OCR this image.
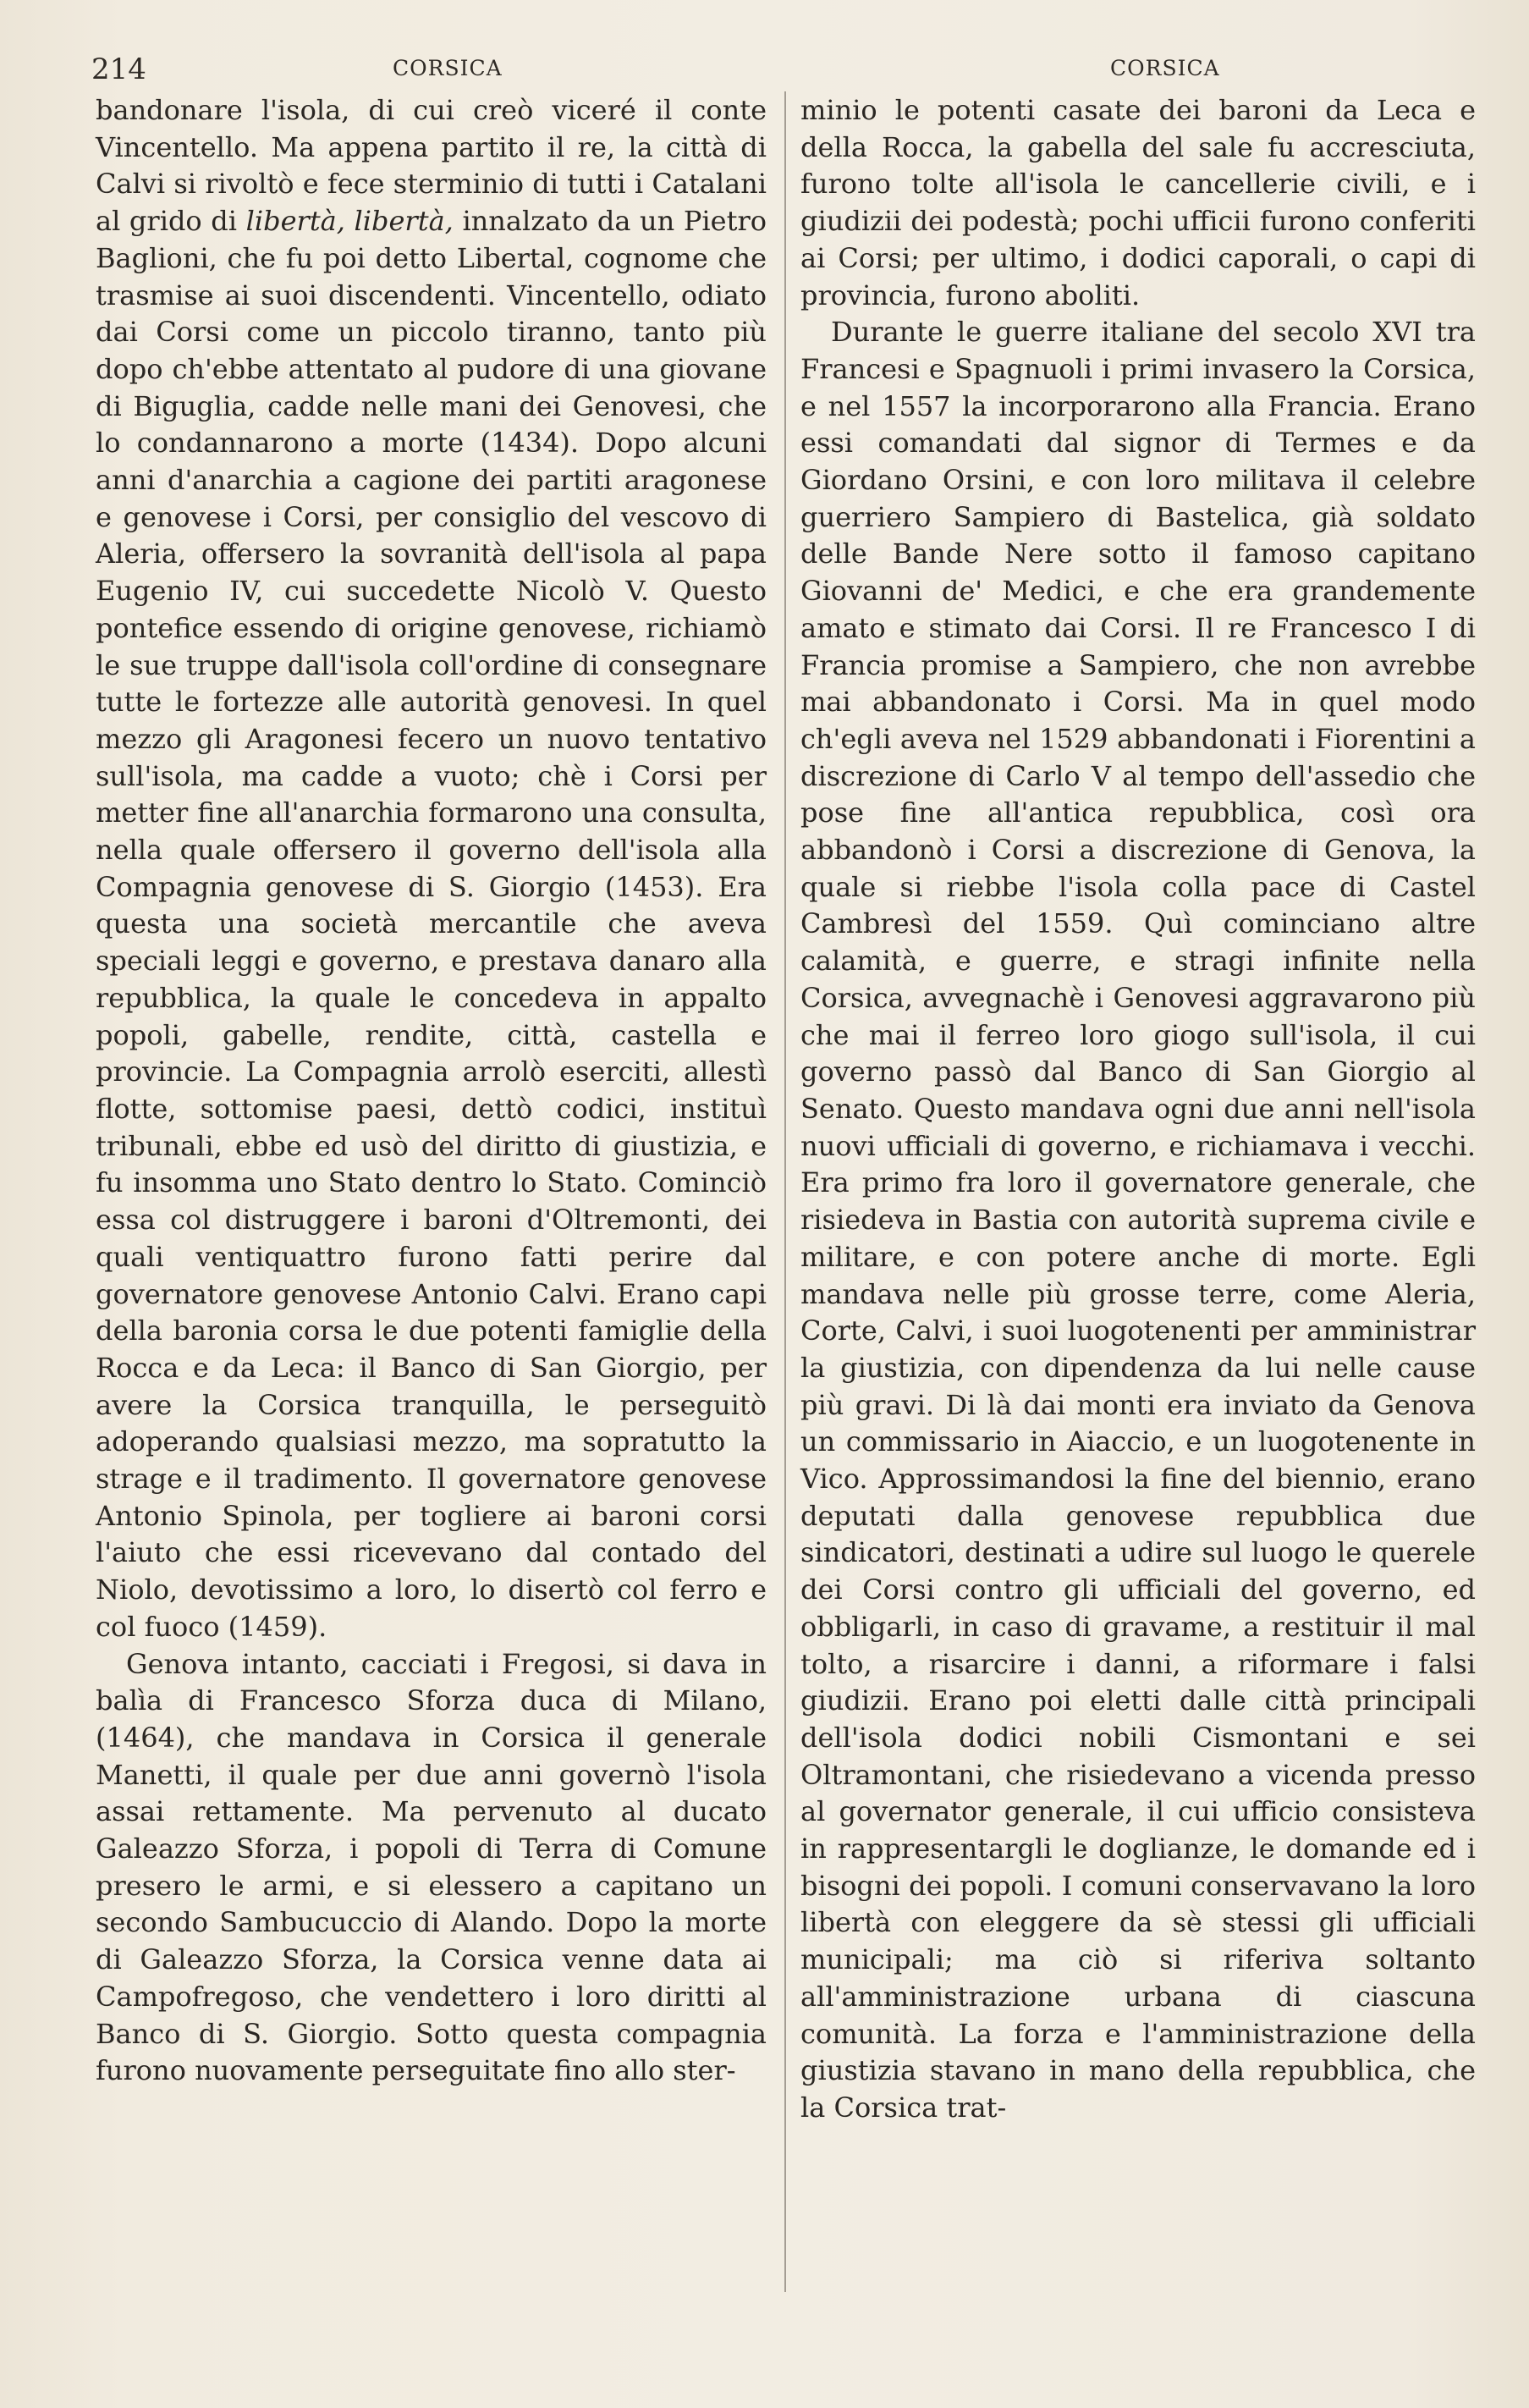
214	CORSICA	CORSICA

bandonare l'isola, di cui creò viceré il conte Vincentello. Ma appena partito il re, la città di Calvi si rivoltò e fece sterminio di tutti i Catalani al grido di libertà, libertà, innalzato da un Pietro Baglioni, che fu poi detto Libertal, cognome che trasmise ai suoi discendenti. Vincentello, odiato dai Corsi come un piccolo tiranno, tanto più dopo ch'ebbe attentato al pudore di una giovane di Biguglia, cadde nelle mani dei Genovesi, che lo condannarono a morte (1434). Dopo alcuni anni d'anarchia a cagione dei partiti aragonese e genovese i Corsi, per consiglio del vescovo di Aleria, offersero la sovranità dell'isola al papa Eugenio IV, cui succedette Nicolò V. Questo pontefice essendo di origine genovese, richiamò le sue truppe dall'isola coll'ordine di consegnare tutte le fortezze alle autorità genovesi. In quel mezzo gli Aragonesi fecero un nuovo tentativo sull'isola, ma cadde a vuoto; chè i Corsi per metter fine all'anarchia formarono una consulta, nella quale offersero il governo dell'isola alla Compagnia genovese di S. Giorgio (1453). Era questa una società mercantile che aveva speciali leggi e governo, e prestava danaro alla repubblica, la quale le concedeva in appalto popoli, gabelle, rendite, città, castella e provincie. La Compagnia arrolò eserciti, allestì flotte, sottomise paesi, dettò codici, instituì tribunali, ebbe ed usò del diritto di giustizia, e fu insomma uno Stato dentro lo Stato. Cominciò essa col distruggere i baroni d'Oltremonti, dei quali ventiquattro furono fatti perire dal governatore genovese Antonio Calvi. Erano capi della baronia corsa le due potenti famiglie della Rocca e da Leca: il Banco di San Giorgio, per avere la Corsica tranquilla, le perseguitò adoperando qualsiasi mezzo, ma sopratutto la strage e il tradimento. Il governatore genovese Antonio Spinola, per togliere ai baroni corsi l'aiuto che essi ricevevano dal contado del Niolo, devotissimo a loro, lo disertò col ferro e col fuoco (1459).

Genova intanto, cacciati i Fregosi, si dava in balìa di Francesco Sforza duca di Milano, (1464), che mandava in Corsica il generale Manetti, il quale per due anni governò l'isola assai rettamente. Ma pervenuto al ducato Galeazzo Sforza, i popoli di Terra di Comune presero le armi, e si elessero a capitano un secondo Sambucuccio di Alando. Dopo la morte di Galeazzo Sforza, la Corsica venne data ai Campofregoso, che vendettero i loro diritti al Banco di S. Giorgio. Sotto questa compagnia furono nuovamente perseguitate fino allo ster-

minio le potenti casate dei baroni da Leca e della Rocca, la gabella del sale fu accresciuta, furono tolte all'isola le cancellerie civili, e i giudizii dei podestà; pochi ufficii furono conferiti ai Corsi; per ultimo, i dodici caporali, o capi di provincia, furono aboliti.

Durante le guerre italiane del secolo XVI tra Francesi e Spagnuoli i primi invasero la Corsica, e nel 1557 la incorporarono alla Francia. Erano essi comandati dal signor di Termes e da Giordano Orsini, e con loro militava il celebre guerriero Sampiero di Bastelica, già soldato delle Bande Nere sotto il famoso capitano Giovanni de' Medici, e che era grandemente amato e stimato dai Corsi. Il re Francesco I di Francia promise a Sampiero, che non avrebbe mai abbandonato i Corsi. Ma in quel modo ch'egli aveva nel 1529 abbandonati i Fiorentini a discrezione di Carlo V al tempo dell'assedio che pose fine all'antica repubblica, così ora abbandonò i Corsi a discrezione di Genova, la quale si riebbe l'isola colla pace di Castel Cambresì del 1559. Quì cominciano altre calamità, e guerre, e stragi infinite nella Corsica, avvegnachè i Genovesi aggravarono più che mai il ferreo loro giogo sull'isola, il cui governo passò dal Banco di San Giorgio al Senato. Questo mandava ogni due anni nell'isola nuovi ufficiali di governo, e richiamava i vecchi. Era primo fra loro il governatore generale, che risiedeva in Bastia con autorità suprema civile e militare, e con potere anche di morte. Egli mandava nelle più grosse terre, come Aleria, Corte, Calvi, i suoi luogotenenti per amministrar la giustizia, con dipendenza da lui nelle cause più gravi. Di là dai monti era inviato da Genova un commissario in Aiaccio, e un luogotenente in Vico. Approssimandosi la fine del biennio, erano deputati dalla genovese repubblica due sindicatori, destinati a udire sul luogo le querele dei Corsi contro gli ufficiali del governo, ed obbligarli, in caso di gravame, a restituir il mal tolto, a risarcire i danni, a riformare i falsi giudizii. Erano poi eletti dalle città principali dell'isola dodici nobili Cismontani e sei Oltramontani, che risiedevano a vicenda presso al governator generale, il cui ufficio consisteva in rappresentargli le doglianze, le domande ed i bisogni dei popoli. I comuni conservavano la loro libertà con eleggere da sè stessi gli ufficiali municipali; ma ciò si riferiva soltanto all'amministrazione urbana di ciascuna comunità. La forza e l'amministrazione della giustizia stavano in mano della repubblica, che la Corsica trat-
